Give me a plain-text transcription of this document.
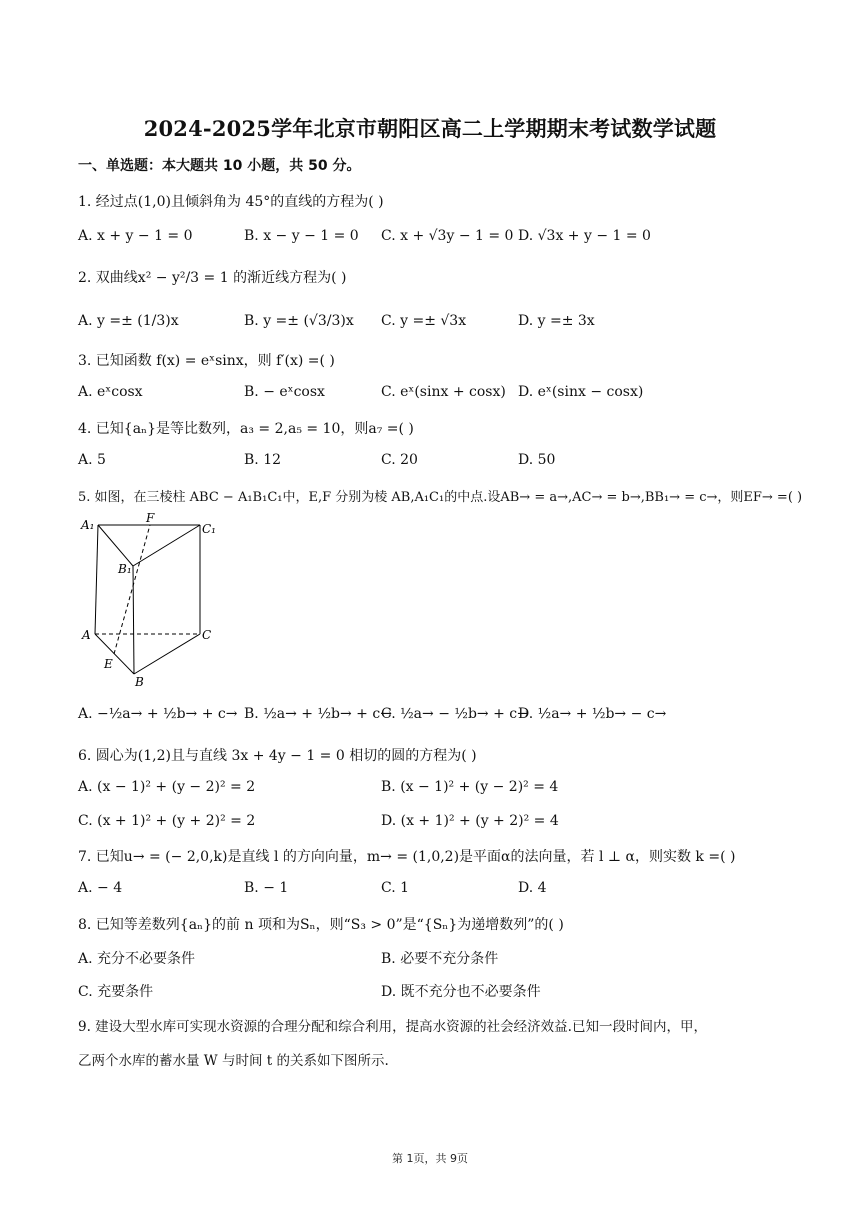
2024-2025学年北京市朝阳区高二上学期期末考试数学试题
一、单选题：本大题共 10 小题，共 50 分。
1. 经过点(1,0)且倾斜角为 45°的直线的方程为( )
A. x + y − 1 = 0	B. x − y − 1 = 0 C. x + √3y − 1 = 0 D. √3x + y − 1 = 0
2. 双曲线x² − y²/3 = 1 的渐近线方程为( )
A. y =± (1/3)x	B. y =± (√3/3)x C. y =± √3x	D. y =± 3x
3. 已知函数 f(x) = eˣsinx，则 f′(x) =( )
A. eˣcosx	B. − eˣcosx	C. eˣ(sinx + cosx) D. eˣ(sinx − cosx)
4. 已知{aₙ}是等比数列，a₃ = 2,a₅ = 10，则a₇ =( )
A. 5	B. 12	C. 20	D. 50
5. 如图，在三棱柱 ABC − A₁B₁C₁中，E,F 分别为棱 AB,A₁C₁的中点.设AB→ = a→,AC→ = b→,BB₁→ = c→，则EF→ =( )
A₁	F
C₁
B₁
A	C
E
B
A. −½a→ + ½b→ + c→ B. ½a→ + ½b→ + c→
C. ½a→ − ½b→ + c→
D. ½a→ + ½b→ − c→
6. 圆心为(1,2)且与直线 3x + 4y − 1 = 0 相切的圆的方程为( )
A. (x − 1)² + (y − 2)² = 2	B. (x − 1)² + (y − 2)² = 4
C. (x + 1)² + (y + 2)² = 2	D. (x + 1)² + (y + 2)² = 4
7. 已知u→ = (− 2,0,k)是直线 l 的方向向量，m→ = (1,0,2)是平面α的法向量，若 l ⊥ α，则实数 k =( )
A. − 4	B. − 1	C. 1	D. 4
8. 已知等差数列{aₙ}的前 n 项和为Sₙ，则“S₃ > 0”是“{Sₙ}为递增数列”的( )
A. 充分不必要条件	B. 必要不充分条件
C. 充要条件	D. 既不充分也不必要条件
9. 建设大型水库可实现水资源的合理分配和综合利用，提高水资源的社会经济效益.已知一段时间内，甲，
乙两个水库的蓄水量 W 与时间 t 的关系如下图所示.
第 1页，共 9页
